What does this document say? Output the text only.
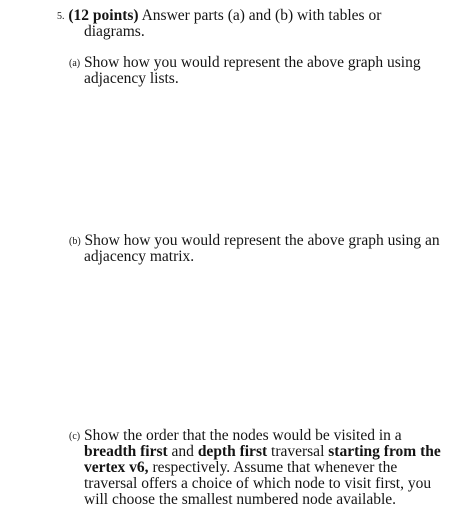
5. (12 points) Answer parts (a) and (b) with tables or
diagrams.
(a) Show how you would represent the above graph using
adjacency lists.
(b) Show how you would represent the above graph using an
adjacency matrix.
(c) Show the order that the nodes would be visited in a
breadth first and depth first traversal starting from the
vertex v6, respectively. Assume that whenever the
traversal offers a choice of which node to visit first, you
will choose the smallest numbered node available.
